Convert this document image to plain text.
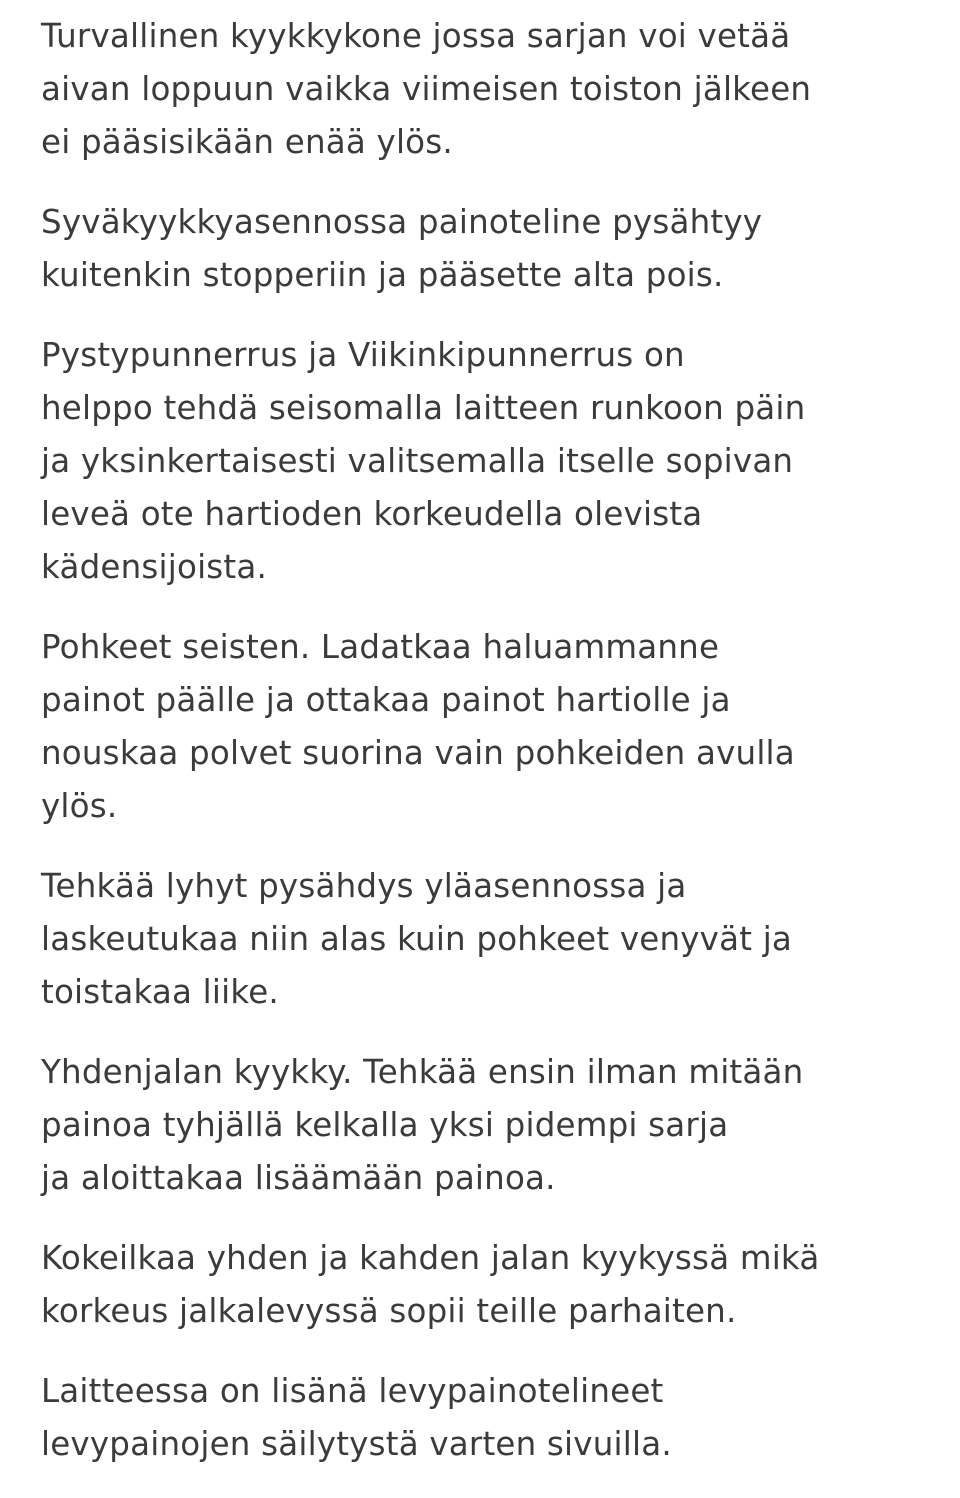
Turvallinen kyykkykone jossa sarjan voi vetää
aivan loppuun vaikka viimeisen toiston jälkeen
ei pääsisikään enää ylös.

Syväkyykkyasennossa painoteline pysähtyy
kuitenkin stopperiin ja pääsette alta pois.

Pystypunnerrus ja Viikinkipunnerrus on
helppo tehdä seisomalla laitteen runkoon päin
ja yksinkertaisesti valitsemalla itselle sopivan
leveä ote hartioden korkeudella olevista
kädensijoista.

Pohkeet seisten. Ladatkaa haluammanne
painot päälle ja ottakaa painot hartiolle ja
nouskaa polvet suorina vain pohkeiden avulla
ylös.

Tehkää lyhyt pysähdys yläasennossa ja
laskeutukaa niin alas kuin pohkeet venyvät ja
toistakaa liike.

Yhdenjalan kyykky. Tehkää ensin ilman mitään
painoa tyhjällä kelkalla yksi pidempi sarja
ja aloittakaa lisäämään painoa.

Kokeilkaa yhden ja kahden jalan kyykyssä mikä
korkeus jalkalevyssä sopii teille parhaiten.

Laitteessa on lisänä levypainotelineet
levypainojen säilytystä varten sivuilla.
